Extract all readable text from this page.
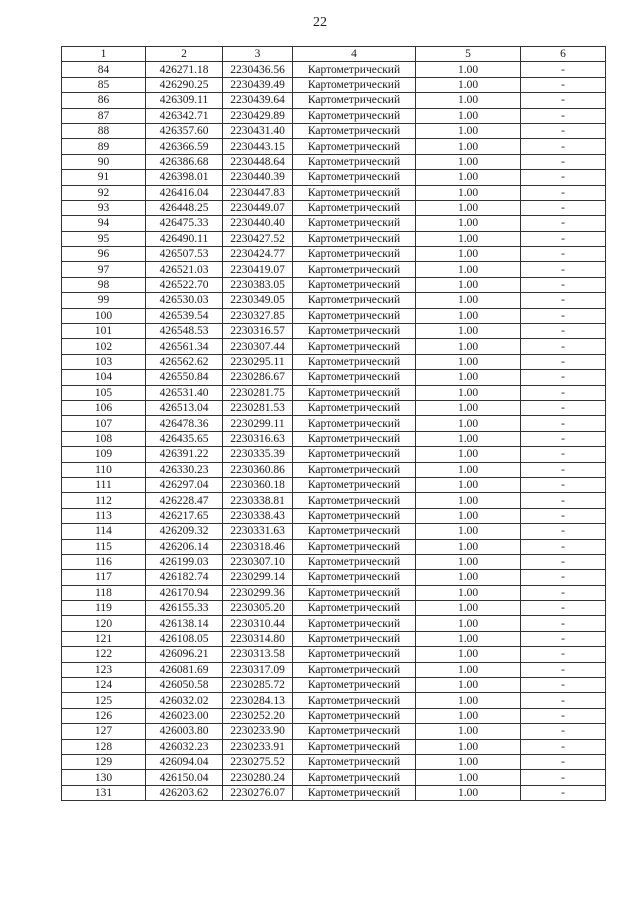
22
1	2	3	4	5	6
84	426271.18	2230436.56	Картометрический	1.00	-
85	426290.25	2230439.49	Картометрический	1.00	-
86	426309.11	2230439.64	Картометрический	1.00	-
87	426342.71	2230429.89	Картометрический	1.00	-
88	426357.60	2230431.40	Картометрический	1.00	-
89	426366.59	2230443.15	Картометрический	1.00	-
90	426386.68	2230448.64	Картометрический	1.00	-
91	426398.01	2230440.39	Картометрический	1.00	-
92	426416.04	2230447.83	Картометрический	1.00	-
93	426448.25	2230449.07	Картометрический	1.00	-
94	426475.33	2230440.40	Картометрический	1.00	-
95	426490.11	2230427.52	Картометрический	1.00	-
96	426507.53	2230424.77	Картометрический	1.00	-
97	426521.03	2230419.07	Картометрический	1.00	-
98	426522.70	2230383.05	Картометрический	1.00	-
99	426530.03	2230349.05	Картометрический	1.00	-
100	426539.54	2230327.85	Картометрический	1.00	-
101	426548.53	2230316.57	Картометрический	1.00	-
102	426561.34	2230307.44	Картометрический	1.00	-
103	426562.62	2230295.11	Картометрический	1.00	-
104	426550.84	2230286.67	Картометрический	1.00	-
105	426531.40	2230281.75	Картометрический	1.00	-
106	426513.04	2230281.53	Картометрический	1.00	-
107	426478.36	2230299.11	Картометрический	1.00	-
108	426435.65	2230316.63	Картометрический	1.00	-
109	426391.22	2230335.39	Картометрический	1.00	-
110	426330.23	2230360.86	Картометрический	1.00	-
111	426297.04	2230360.18	Картометрический	1.00	-
112	426228.47	2230338.81	Картометрический	1.00	-
113	426217.65	2230338.43	Картометрический	1.00	-
114	426209.32	2230331.63	Картометрический	1.00	-
115	426206.14	2230318.46	Картометрический	1.00	-
116	426199.03	2230307.10	Картометрический	1.00	-
117	426182.74	2230299.14	Картометрический	1.00	-
118	426170.94	2230299.36	Картометрический	1.00	-
119	426155.33	2230305.20	Картометрический	1.00	-
120	426138.14	2230310.44	Картометрический	1.00	-
121	426108.05	2230314.80	Картометрический	1.00	-
122	426096.21	2230313.58	Картометрический	1.00	-
123	426081.69	2230317.09	Картометрический	1.00	-
124	426050.58	2230285.72	Картометрический	1.00	-
125	426032.02	2230284.13	Картометрический	1.00	-
126	426023.00	2230252.20	Картометрический	1.00	-
127	426003.80	2230233.90	Картометрический	1.00	-
128	426032.23	2230233.91	Картометрический	1.00	-
129	426094.04	2230275.52	Картометрический	1.00	-
130	426150.04	2230280.24	Картометрический	1.00	-
131	426203.62	2230276.07	Картометрический	1.00	-
